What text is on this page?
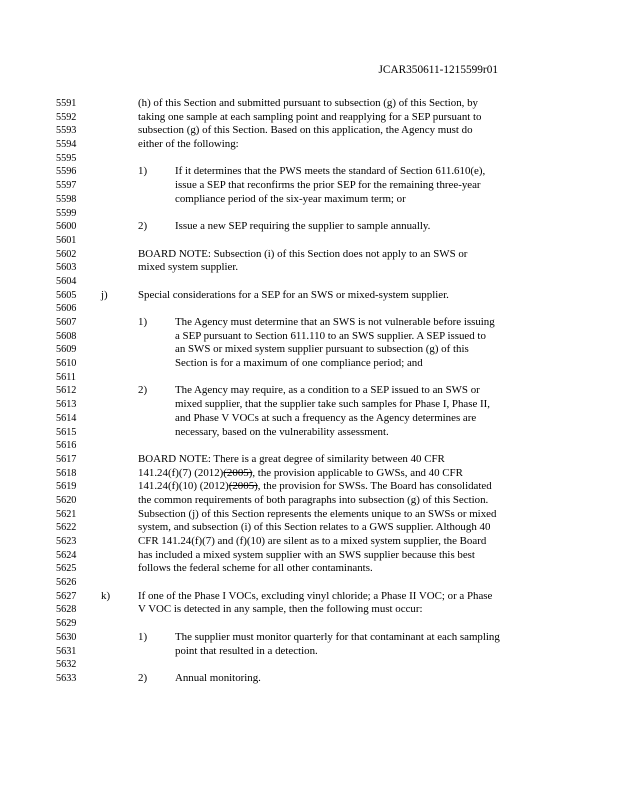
JCAR350611-1215599r01
5591	(h) of this Section and submitted pursuant to subsection (g) of this Section, by
5592	taking one sample at each sampling point and reapplying for a SEP pursuant to
5593	subsection (g) of this Section. Based on this application, the Agency must do
5594	either of the following:
5595
5596	1)	If it determines that the PWS meets the standard of Section 611.610(e),
5597	issue a SEP that reconfirms the prior SEP for the remaining three-year
5598	compliance period of the six-year maximum term; or
5599
5600	2)	Issue a new SEP requiring the supplier to sample annually.
5601
5602	BOARD NOTE: Subsection (i) of this Section does not apply to an SWS or
5603	mixed system supplier.
5604
5605	j)	Special considerations for a SEP for an SWS or mixed-system supplier.
5606
5607	1)	The Agency must determine that an SWS is not vulnerable before issuing
5608	a SEP pursuant to Section 611.110 to an SWS supplier. A SEP issued to
5609	an SWS or mixed system supplier pursuant to subsection (g) of this
5610	Section is for a maximum of one compliance period; and
5611
5612	2)	The Agency may require, as a condition to a SEP issued to an SWS or
5613	mixed supplier, that the supplier take such samples for Phase I, Phase II,
5614	and Phase V VOCs at such a frequency as the Agency determines are
5615	necessary, based on the vulnerability assessment.
5616
5617	BOARD NOTE: There is a great degree of similarity between 40 CFR
5618	141.24(f)(7) (2012)(2005), the provision applicable to GWSs, and 40 CFR
5619	141.24(f)(10) (2012)(2005), the provision for SWSs. The Board has consolidated
5620	the common requirements of both paragraphs into subsection (g) of this Section.
5621	Subsection (j) of this Section represents the elements unique to an SWSs or mixed
5622	system, and subsection (i) of this Section relates to a GWS supplier. Although 40
5623	CFR 141.24(f)(7) and (f)(10) are silent as to a mixed system supplier, the Board
5624	has included a mixed system supplier with an SWS supplier because this best
5625	follows the federal scheme for all other contaminants.
5626
5627	k)	If one of the Phase I VOCs, excluding vinyl chloride; a Phase II VOC; or a Phase
5628	V VOC is detected in any sample, then the following must occur:
5629
5630	1)	The supplier must monitor quarterly for that contaminant at each sampling
5631	point that resulted in a detection.
5632
5633	2)	Annual monitoring.
